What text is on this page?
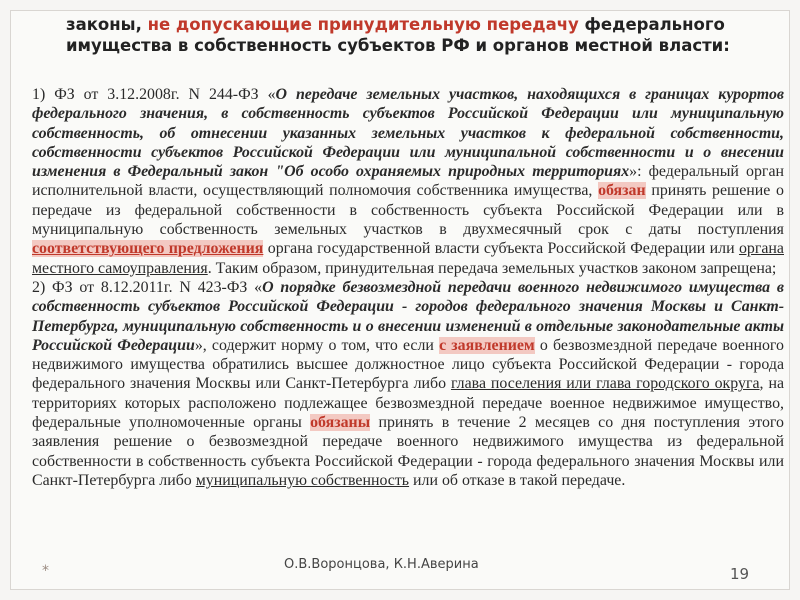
законы, не допускающие принудительную передачу федерального имущества в собственность субъектов РФ и органов местной власти:

1) ФЗ от 3.12.2008г. N 244-ФЗ «О передаче земельных участков, находящихся в границах курортов федерального значения, в собственность субъектов Российской Федерации или муниципальную собственность, об отнесении указанных земельных участков к федеральной собственности, собственности субъектов Российской Федерации или муниципальной собственности и о внесении изменения в Федеральный закон "Об особо охраняемых природных территориях»: федеральный орган исполнительной власти, осуществляющий полномочия собственника имущества, обязан принять решение о передаче из федеральной собственности в собственность субъекта Российской Федерации или в муниципальную собственность земельных участков в двухмесячный срок с даты поступления соответствующего предложения органа государственной власти субъекта Российской Федерации или органа местного самоуправления. Таким образом, принудительная передача земельных участков законом запрещена;

2) ФЗ от 8.12.2011г. N 423-ФЗ «О порядке безвозмездной передачи военного недвижимого имущества в собственность субъектов Российской Федерации - городов федерального значения Москвы и Санкт-Петербурга, муниципальную собственность и о внесении изменений в отдельные законодательные акты Российской Федерации», содержит норму о том, что если с заявлением о безвозмездной передаче военного недвижимого имущества обратились высшее должностное лицо субъекта Российской Федерации - города федерального значения Москвы или Санкт-Петербурга либо глава поселения или глава городского округа, на территориях которых расположено подлежащее безвозмездной передаче военное недвижимое имущество, федеральные уполномоченные органы обязаны принять в течение 2 месяцев со дня поступления этого заявления решение о безвозмездной передаче военного недвижимого имущества из федеральной собственности в собственность субъекта Российской Федерации - города федерального значения Москвы или Санкт-Петербурга либо муниципальную собственность или об отказе в такой передаче.

*	О.В.Воронцова, К.Н.Аверина
19
